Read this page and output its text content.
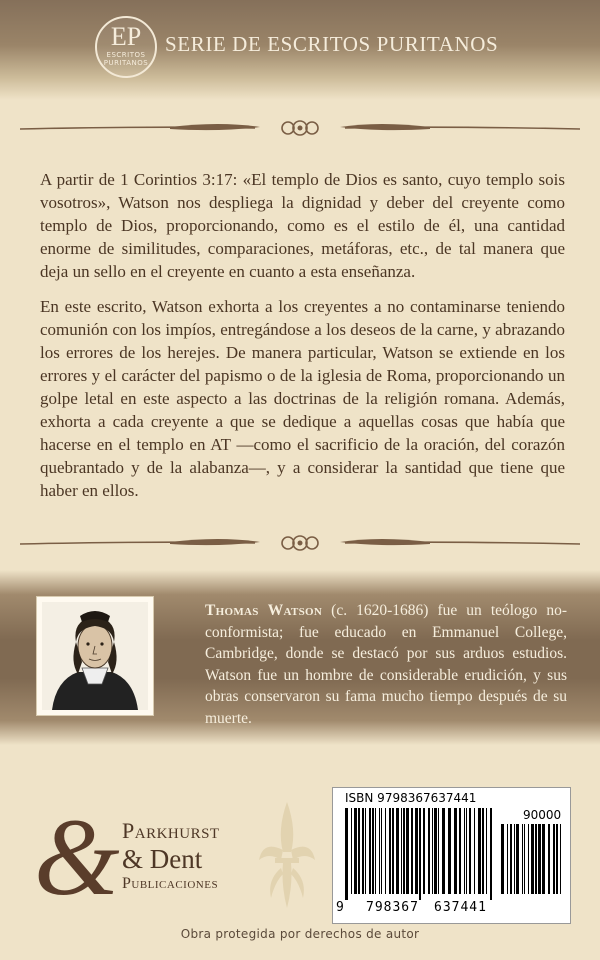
EP
ESCRITOS PURITANOS
SERIE DE ESCRITOS PURITANOS

A partir de 1 Corintios 3:17: «El templo de Dios es santo, cuyo templo sois vosotros», Watson nos despliega la dignidad y deber del creyente como templo de Dios, proporcionando, como es el estilo de él, una cantidad enorme de similitudes, comparaciones, metáforas, etc., de tal manera que deja un sello en el creyente en cuanto a esta enseñanza.

En este escrito, Watson exhorta a los creyentes a no contaminarse teniendo comunión con los impíos, entregándose a los deseos de la carne, y abrazando los errores de los herejes. De manera particular, Watson se extiende en los errores y el carácter del papismo o de la iglesia de Roma, proporcionando un golpe letal en este aspecto a las doctrinas de la religión romana. Además, exhorta a cada creyente a que se dedique a aquellas cosas que había que hacerse en el templo en AT —como el sacrificio de la oración, del corazón quebrantado y de la alabanza—, y a considerar la santidad que tiene que haber en ellos.

Thomas Watson (c. 1620-1686) fue un teólogo no-conformista; fue educado en Emmanuel College, Cambridge, donde se destacó por sus arduos estudios. Watson fue un hombre de considerable erudición, y sus obras conservaron su fama mucho tiempo después de su muerte.

& Parkhurst
& Dent
Publicaciones
ISBN 9798367637441
90000
9 798367 637441
Obra protegida por derechos de autor
